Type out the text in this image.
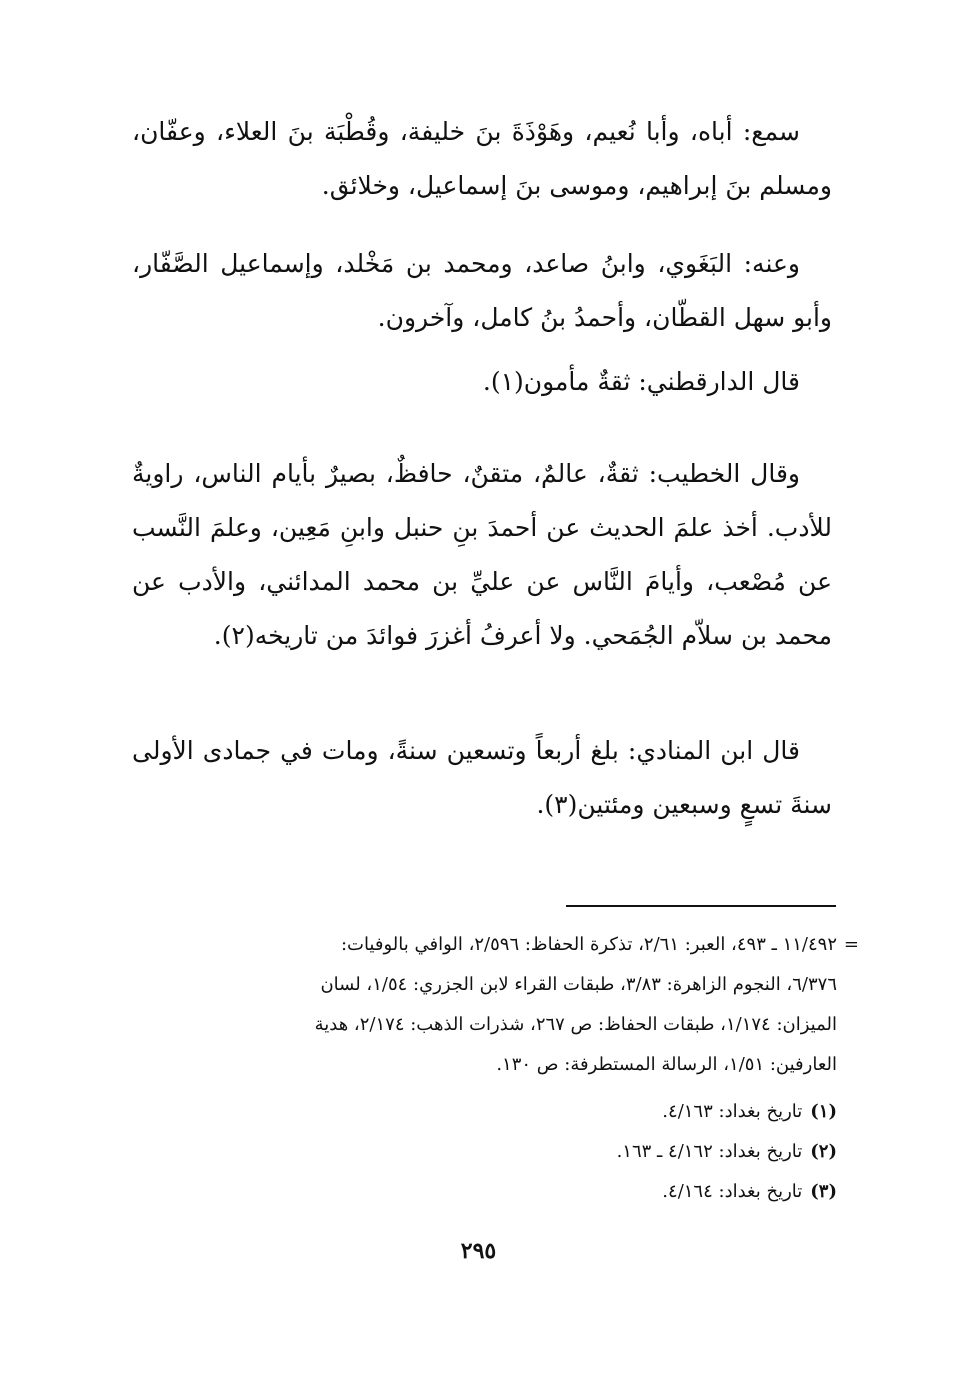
سمع: أباه، وأبا نُعيم، وهَوْذَةَ بنَ خليفة، وقُطْبَة بنَ العلاء، وعفّان، ومسلم بنَ إبراهيم، وموسى بنَ إسماعيل، وخلائق.

وعنه: البَغَوي، وابنُ صاعد، ومحمد بن مَخْلد، وإسماعيل الصَّفّار، وأبو سهل القطّان، وأحمدُ بنُ كامل، وآخرون.

قال الدارقطني: ثقةٌ مأمون(١).

وقال الخطيب: ثقةٌ، عالمٌ، متقنٌ، حافظٌ، بصيرٌ بأيام الناس، راويةٌ للأدب. أخذ علمَ الحديث عن أحمدَ بنِ حنبل وابنِ مَعِين، وعلمَ النَّسب عن مُصْعب، وأيامَ النَّاس عن عليِّ بن محمد المدائني، والأدب عن محمد بن سلاّم الجُمَحي. ولا أعرفُ أغزرَ فوائدَ من تاريخه(٢).

قال ابن المنادي: بلغ أربعاً وتسعين سنةً، ومات في جمادى الأولى سنةَ تسعٍ وسبعين ومئتين(٣).

=
١١/٤٩٢ ـ ٤٩٣، العبر: ٢/٦١، تذكرة الحفاظ: ٢/٥٩٦، الوافي بالوفيات:
٦/٣٧٦، النجوم الزاهرة: ٣/٨٣، طبقات القراء لابن الجزري: ١/٥٤، لسان
الميزان: ١/١٧٤، طبقات الحفاظ: ص ٢٦٧، شذرات الذهب: ٢/١٧٤، هدية
العارفين: ١/٥١، الرسالة المستطرفة: ص ١٣٠.
(١)تاريخ بغداد: ٤/١٦٣.
(٢)تاريخ بغداد: ٤/١٦٢ ـ ١٦٣.
(٣)تاريخ بغداد: ٤/١٦٤.
٢٩٥
